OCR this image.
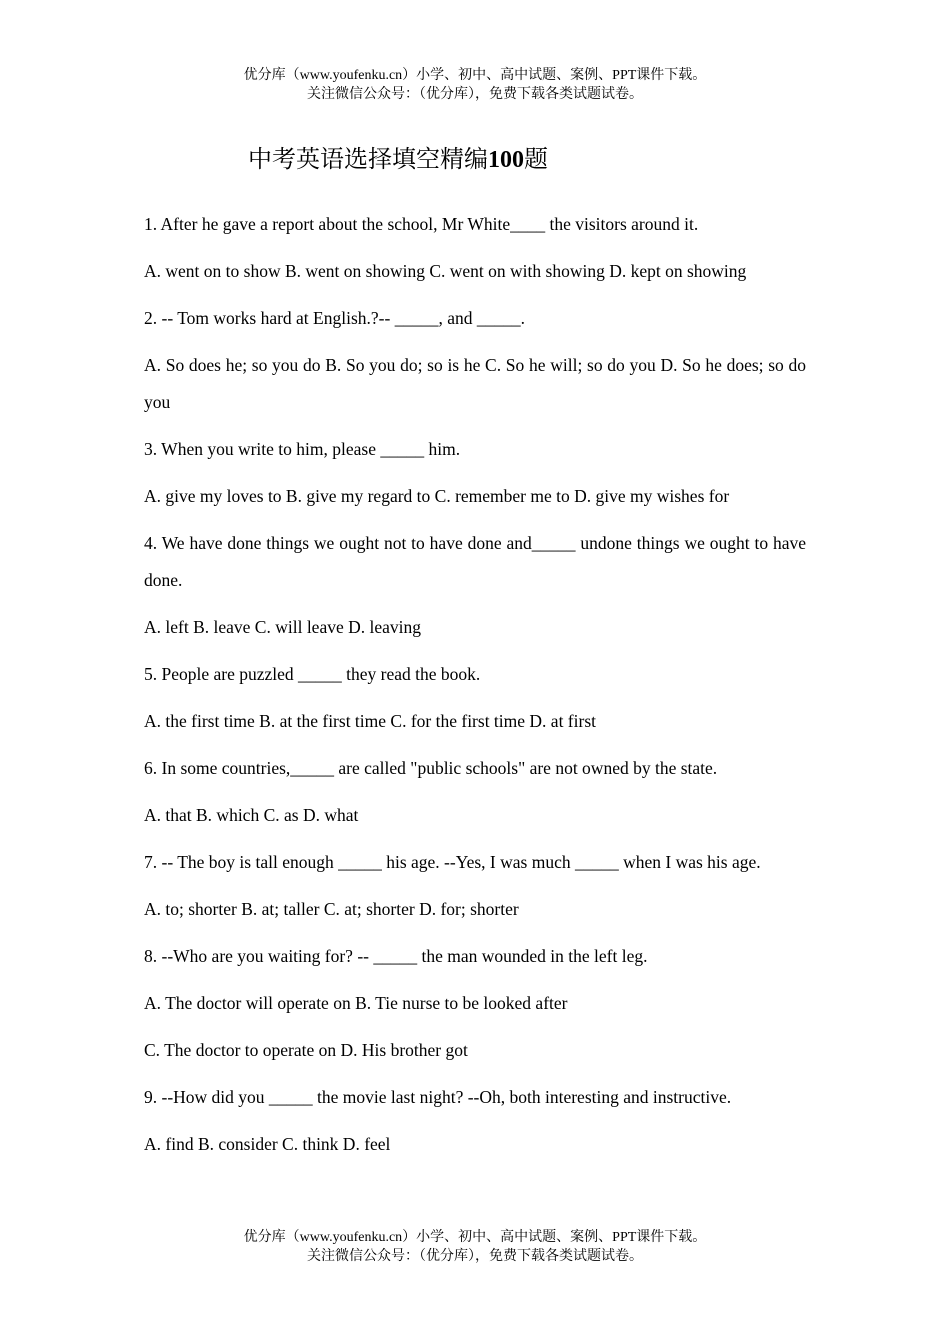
优分库（www.youfenku.cn）小学、初中、高中试题、案例、PPT课件下载。
关注微信公众号：（优分库），免费下载各类试题试卷。
中考英语选择填空精编100题

1. After he gave a report about the school, Mr White____ the visitors around it.

A. went on to show B. went on showing C. went on with showing D. kept on showing

2. -- Tom works hard at English.?-- _____, and _____.

A. So does he; so you do B. So you do; so is he C. So he will; so do you D. So he does; so do you

3. When you write to him, please _____ him.

A. give my loves to B. give my regard to C. remember me to D. give my wishes for

4. We have done things we ought not to have done and_____ undone things we ought to have done.

A. left B. leave C. will leave D. leaving

5. People are puzzled _____ they read the book.

A. the first time B. at the first time C. for the first time D. at first

6. In some countries,_____ are called "public schools" are not owned by the state.

A. that B. which C. as D. what

7. -- The boy is tall enough _____ his age. --Yes, I was much _____ when I was his age.

A. to; shorter B. at; taller C. at; shorter D. for; shorter

8. --Who are you waiting for? -- _____ the man wounded in the left leg.

A. The doctor will operate on B. Tie nurse to be looked after

C. The doctor to operate on D. His brother got

9. --How did you _____ the movie last night? --Oh, both interesting and instructive.

A. find B. consider C. think D. feel

优分库（www.youfenku.cn）小学、初中、高中试题、案例、PPT课件下载。
关注微信公众号：（优分库），免费下载各类试题试卷。
